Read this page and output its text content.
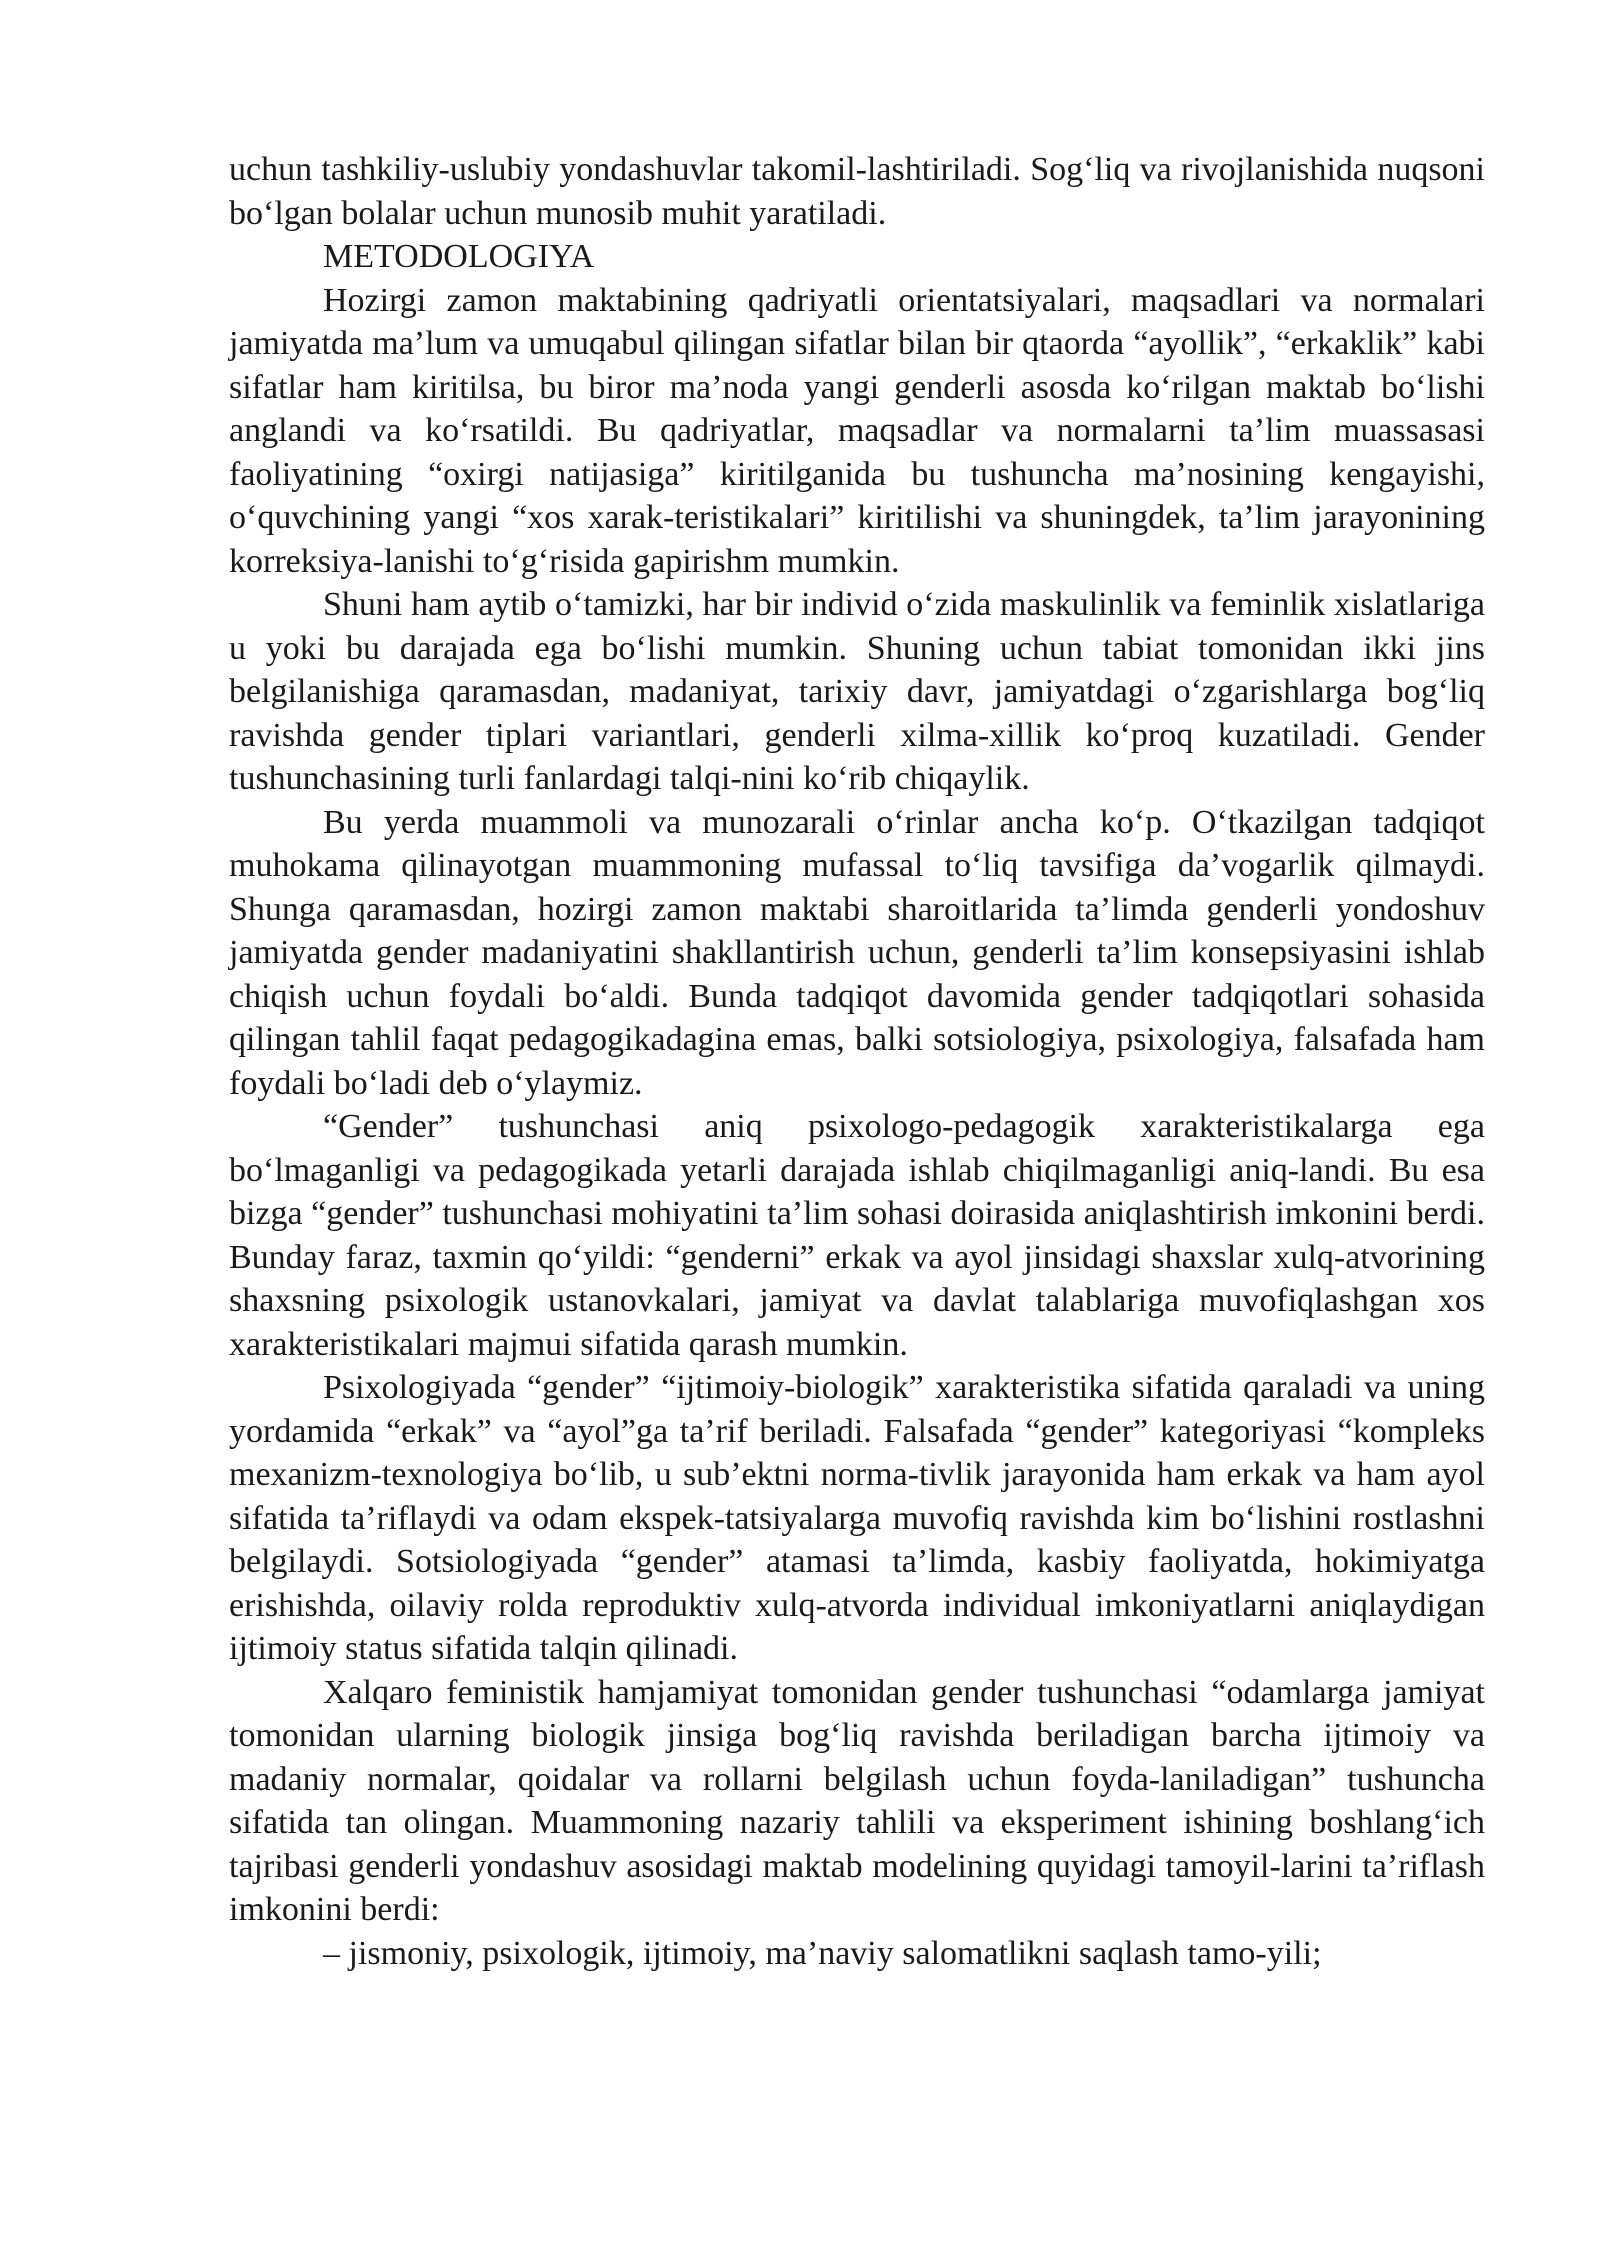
uchun tashkiliy-uslubiy yondashuvlar takomil-lashtiriladi. Sog‘liq va rivojlanishida nuqsoni bo‘lgan bolalar uchun munosib muhit yaratiladi.

METODOLOGIYA

Hozirgi zamon maktabining qadriyatli orientatsiyalari, maqsadlari va normalari jamiyatda ma’lum va umuqabul qilingan sifatlar bilan bir qtaorda “ayollik”, “erkaklik” kabi sifatlar ham kiritilsa, bu biror ma’noda yangi genderli asosda ko‘rilgan maktab bo‘lishi anglandi va ko‘rsatildi. Bu qadriyatlar, maqsadlar va normalarni ta’lim muassasasi faoliyatining “oxirgi natijasiga” kiritilganida bu tushuncha ma’nosining kengayishi, o‘quvchining yangi “xos xarak-teristikalari” kiritilishi va shuningdek, ta’lim jarayonining korreksiya-lanishi to‘g‘risida gapirishm mumkin.

Shuni ham aytib o‘tamizki, har bir individ o‘zida maskulinlik va feminlik xislatlariga u yoki bu darajada ega bo‘lishi mumkin. Shuning uchun tabiat tomonidan ikki jins belgilanishiga qaramasdan, madaniyat, tarixiy davr, jamiyatdagi o‘zgarishlarga bog‘liq ravishda gender tiplari variantlari, genderli xilma-xillik ko‘proq kuzatiladi. Gender tushunchasining turli fanlardagi talqi-nini ko‘rib chiqaylik.

Bu yerda muammoli va munozarali o‘rinlar ancha ko‘p. O‘tkazilgan tadqiqot muhokama qilinayotgan muammoning mufassal to‘liq tavsifiga da’vogarlik qilmaydi. Shunga qaramasdan, hozirgi zamon maktabi sharoitlarida ta’limda genderli yondoshuv jamiyatda gender madaniyatini shakllantirish uchun, genderli ta’lim konsepsiyasini ishlab chiqish uchun foydali bo‘aldi. Bunda tadqiqot davomida gender tadqiqotlari sohasida qilingan tahlil faqat pedagogikadagina emas, balki sotsiologiya, psixologiya, falsafada ham foydali bo‘ladi deb o‘ylaymiz.

“Gender” tushunchasi aniq psixologo-pedagogik xarakteristikalarga ega bo‘lmaganligi va pedagogikada yetarli darajada ishlab chiqilmaganligi aniq-landi. Bu esa bizga “gender” tushunchasi mohiyatini ta’lim sohasi doirasida aniqlashtirish imkonini berdi. Bunday faraz, taxmin qo‘yildi: “genderni” erkak va ayol jinsidagi shaxslar xulq-atvorining shaxsning psixologik ustanovkalari, jamiyat va davlat talablariga muvofiqlashgan xos xarakteristikalari majmui sifatida qarash mumkin.

Psixologiyada “gender” “ijtimoiy-biologik” xarakteristika sifatida qaraladi va uning yordamida “erkak” va “ayol”ga ta’rif beriladi. Falsafada “gender” kategoriyasi “kompleks mexanizm-texnologiya bo‘lib, u sub’ektni norma-tivlik jarayonida ham erkak va ham ayol sifatida ta’riflaydi va odam ekspek-tatsiyalarga muvofiq ravishda kim bo‘lishini rostlashni belgilaydi. Sotsiologiyada “gender” atamasi ta’limda, kasbiy faoliyatda, hokimiyatga erishishda, oilaviy rolda reproduktiv xulq-atvorda individual imkoniyatlarni aniqlaydigan ijtimoiy status sifatida talqin qilinadi.

Xalqaro feministik hamjamiyat tomonidan gender tushunchasi “odamlarga jamiyat tomonidan ularning biologik jinsiga bog‘liq ravishda beriladigan barcha ijtimoiy va madaniy normalar, qoidalar va rollarni belgilash uchun foyda-laniladigan” tushuncha sifatida tan olingan. Muammoning nazariy tahlili va eksperiment ishining boshlang‘ich tajribasi genderli yondashuv asosidagi maktab modelining quyidagi tamoyil-larini ta’riflash imkonini berdi:

– jismoniy, psixologik, ijtimoiy, ma’naviy salomatlikni saqlash tamo-yili;
